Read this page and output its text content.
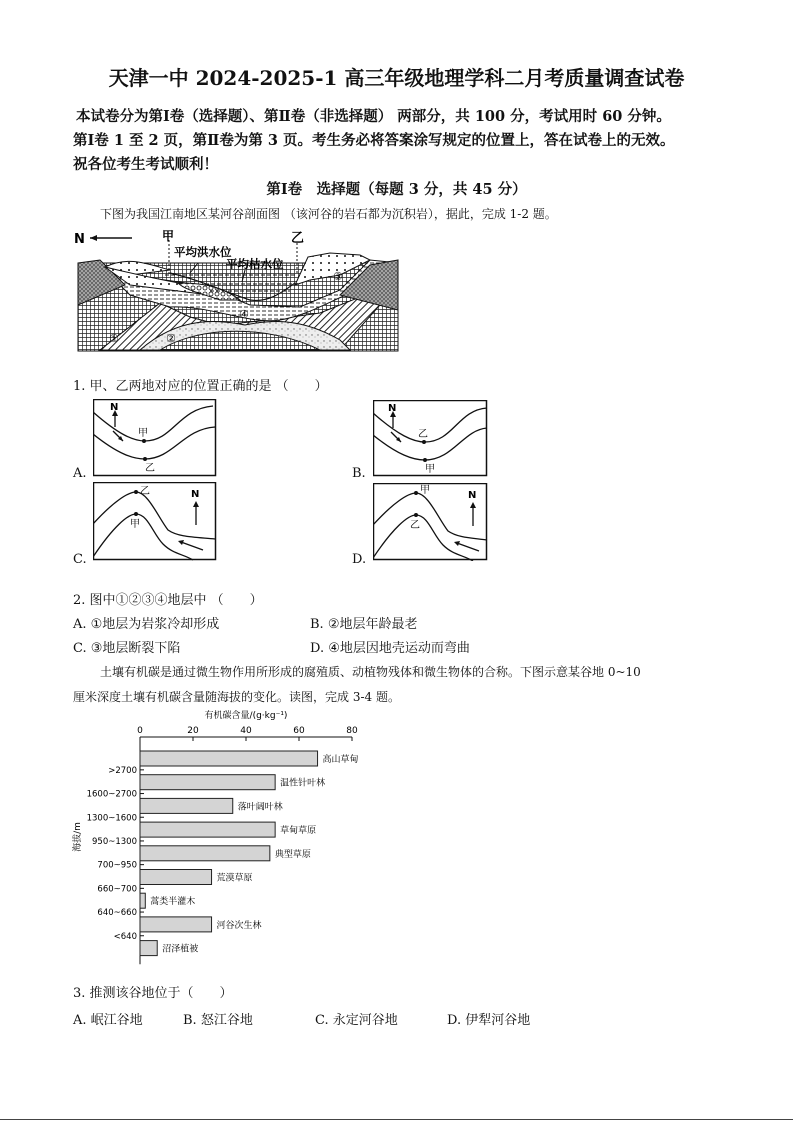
天津一中 2024-2025-1 高三年级地理学科二月考质量调查试卷
本试卷分为第Ⅰ卷（选择题）、第Ⅱ卷（非选择题） 两部分，共 100 分，考试用时 60 分钟。
第Ⅰ卷 1 至 2 页，第Ⅱ卷为第 3 页。考生务必将答案涂写规定的位置上，答在试卷上的无效。
祝各位考生考试顺利！
第Ⅰ卷　选择题（每题 3 分，共 45 分）
下图为我国江南地区某河谷剖面图 （该河谷的岩石都为沉积岩），据此，完成 1-2 题。
N	甲	乙
平均洪水位
平均枯水位
①	②
③
④
1. 甲、乙两地对应的位置正确的是 （　　）
A.	B.
C.	D.
N
甲
乙
N
乙
甲
N
乙
甲
N
甲
乙
2. 图中①②③④地层中 （　　）
A. ①地层为岩浆冷却形成	B. ②地层年龄最老
C. ③地层断裂下陷	D. ④地层因地壳运动而弯曲
土壤有机碳是通过微生物作用所形成的腐殖质、动植物残体和微生物体的合称。下图示意某谷地 0~10
厘米深度土壤有机碳含量随海拔的变化。读图，完成 3-4 题。
有机碳含量/(g·kg⁻¹)
海拔/m
0	20	40	60	80
高山草甸
温性针叶林
落叶阔叶林
草甸草原
典型草原
荒漠草原
蒿类半灌木
河谷次生林
沼泽植被
>2700
1600~2700
1300~1600
950~1300
700~950
660~700
640~660
<640
3. 推测该谷地位于（　　）
A. 岷江谷地	B. 怒江谷地	C. 永定河谷地	D. 伊犁河谷地
